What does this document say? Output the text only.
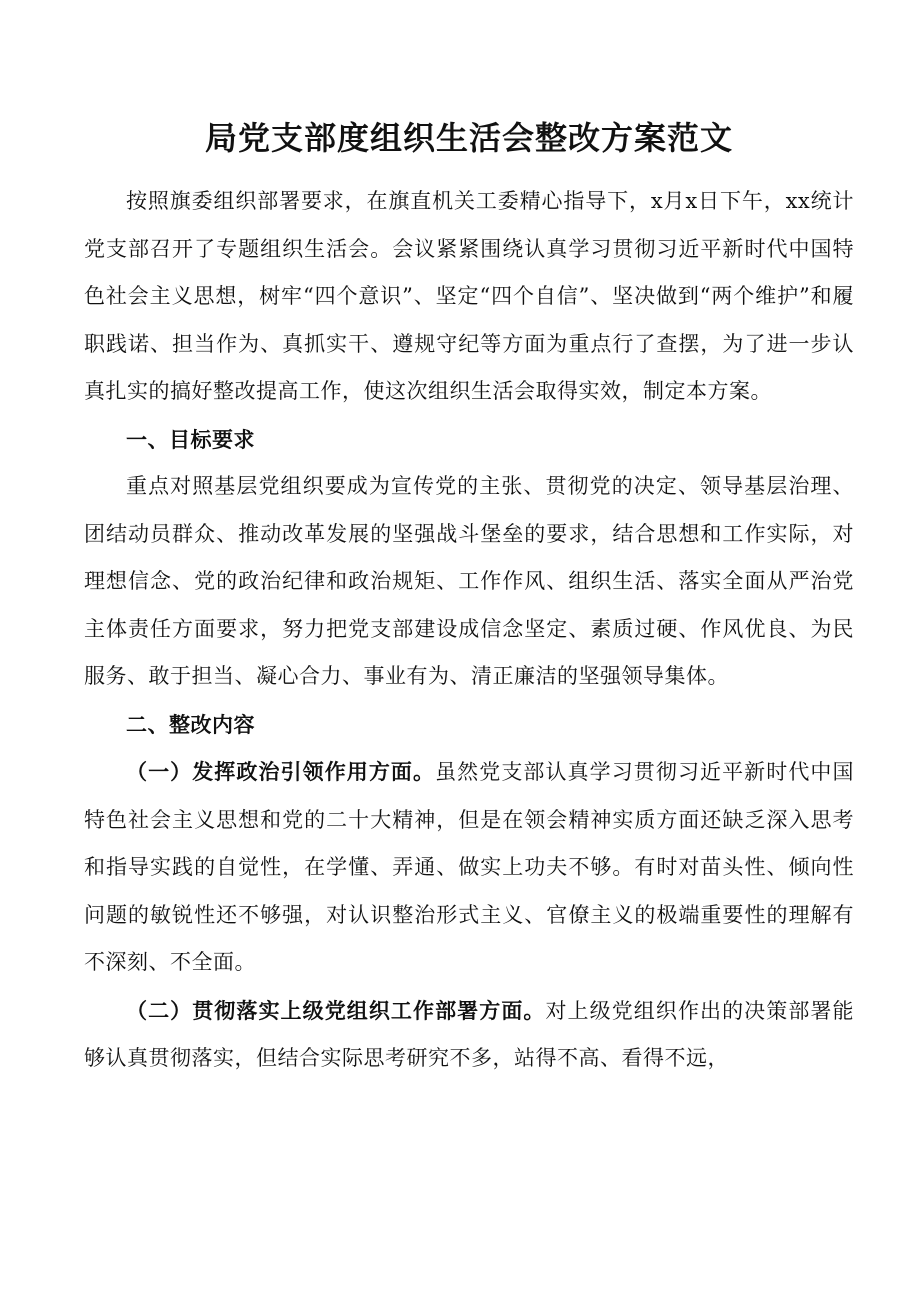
局党支部度组织生活会整改方案范文

按照旗委组织部署要求，在旗直机关工委精心指导下，x月x日下午，xx统计党支部召开了专题组织生活会。会议紧紧围绕认真学习贯彻习近平新时代中国特色社会主义思想，树牢“四个意识”、坚定“四个自信”、坚决做到“两个维护”和履职践诺、担当作为、真抓实干、遵规守纪等方面为重点行了查摆，为了进一步认真扎实的搞好整改提高工作，使这次组织生活会取得实效，制定本方案。

一、目标要求

重点对照基层党组织要成为宣传党的主张、贯彻党的决定、领导基层治理、团结动员群众、推动改革发展的坚强战斗堡垒的要求，结合思想和工作实际，对理想信念、党的政治纪律和政治规矩、工作作风、组织生活、落实全面从严治党主体责任方面要求，努力把党支部建设成信念坚定、素质过硬、作风优良、为民服务、敢于担当、凝心合力、事业有为、清正廉洁的坚强领导集体。

二、整改内容

（一）发挥政治引领作用方面。虽然党支部认真学习贯彻习近平新时代中国特色社会主义思想和党的二十大精神，但是在领会精神实质方面还缺乏深入思考和指导实践的自觉性，在学懂、弄通、做实上功夫不够。有时对苗头性、倾向性问题的敏锐性还不够强，对认识整治形式主义、官僚主义的极端重要性的理解有不深刻、不全面。

（二）贯彻落实上级党组织工作部署方面。对上级党组织作出的决策部署能够认真贯彻落实，但结合实际思考研究不多，站得不高、看得不远，
